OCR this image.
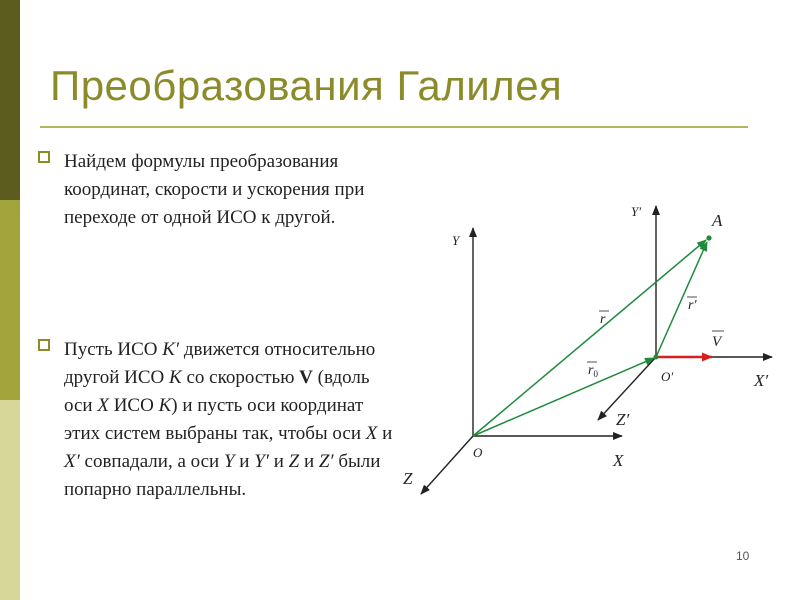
Преобразования Галилея
Найдем формулы преобразования координат, скорости и ускорения при переходе от одной ИСО к другой.
Пусть ИСО K′ движется относительно другой ИСО K со скоростью V (вдоль оси X ИСО K) и пусть оси координат этих систем выбраны так, чтобы оси X и X′ совпадали, а оси Y и Y′ и Z и Z′ были попарно параллельны.
Y
O	X
Z
Y′
O′	X′
Z′
A
r
r′
$r_0$
V
10
